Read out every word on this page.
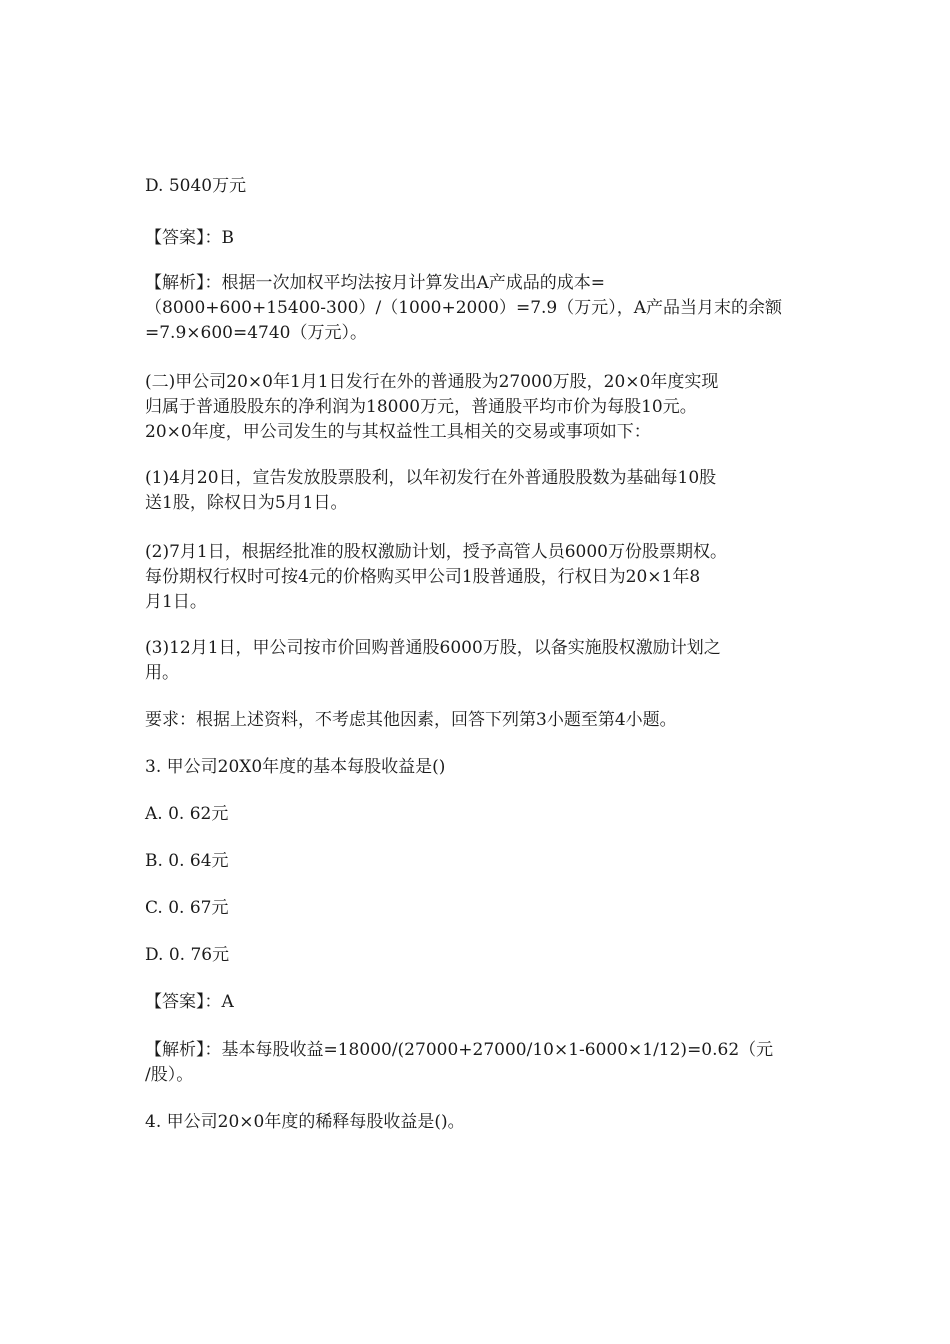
D. 5040万元
【答案】：B
【解析】：根据一次加权平均法按月计算发出A产成品的成本=
（8000+600+15400-300）/（1000+2000）=7.9（万元），A产品当月末的余额
=7.9×600=4740（万元）。
(二)甲公司20×0年1月1日发行在外的普通股为27000万股，20×0年度实现
归属于普通股股东的净利润为18000万元，普通股平均市价为每股10元。
20×0年度，甲公司发生的与其权益性工具相关的交易或事项如下：
(1)4月20日，宣告发放股票股利，以年初发行在外普通股股数为基础每10股
送1股，除权日为5月1日。
(2)7月1日，根据经批准的股权激励计划，授予高管人员6000万份股票期权。
每份期权行权时可按4元的价格购买甲公司1股普通股，行权日为20×1年8
月1日。
(3)12月1日，甲公司按市价回购普通股6000万股，以备实施股权激励计划之
用。
要求：根据上述资料，不考虑其他因素，回答下列第3小题至第4小题。
3. 甲公司20X0年度的基本每股收益是()
A. 0. 62元
B. 0. 64元
C. 0. 67元
D. 0. 76元
【答案】：A
【解析】：基本每股收益=18000/(27000+27000/10×1-6000×1/12)=0.62（元
/股）。
4. 甲公司20×0年度的稀释每股收益是()。
